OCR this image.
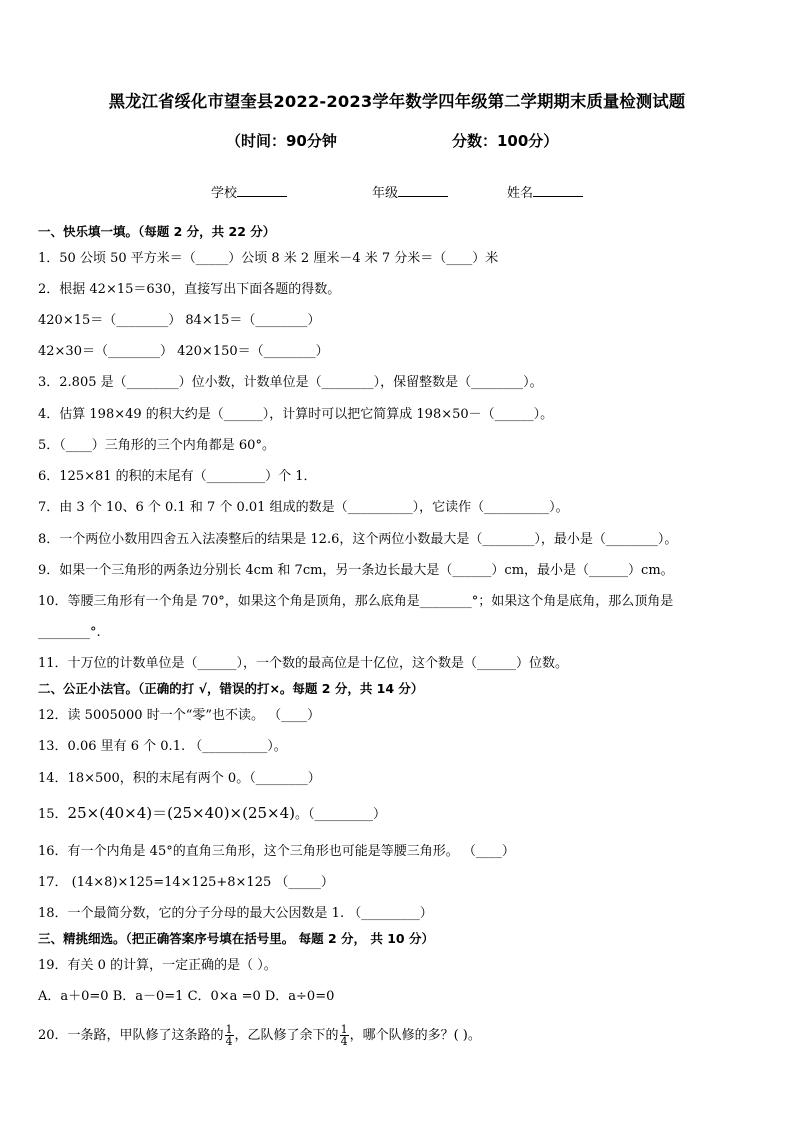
黑龙江省绥化市望奎县2022-2023学年数学四年级第二学期期末质量检测试题
（时间：90分钟	分数：100分）
学校	年级	姓名
一、快乐填一填。（每题 2 分，共 22 分）
1．50 公顷 50 平方米＝（_____）公顷 8 米 2 厘米－4 米 7 分米＝（____）米
2．根据 42×15＝630，直接写出下面各题的得数。
420×15＝（________） 84×15＝（________）
42×30＝（________） 420×150＝（________）
3．2.805 是（________）位小数，计数单位是（________），保留整数是（________）。
4．估算 198×49 的积大约是（______），计算时可以把它简算成 198×50－（______）。
5．（____）三角形的三个内角都是 60°。
6．125×81 的积的末尾有（_________）个 1．
7．由 3 个 10、6 个 0.1 和 7 个 0.01 组成的数是（__________），它读作（__________）。
8．一个两位小数用四舍五入法凑整后的结果是 12.6，这个两位小数最大是（________），最小是（________）。
9．如果一个三角形的两条边分别长 4cm 和 7cm，另一条边长最大是（______）cm，最小是（______）cm。
10．等腰三角形有一个角是 70°，如果这个角是顶角，那么底角是________°；如果这个角是底角，那么顶角是
________°.
11．十万位的计数单位是（______），一个数的最高位是十亿位，这个数是（______）位数。
二、公正小法官。（正确的打 √，错误的打×。每题 2 分，共 14 分）
12．读 5005000 时一个“零”也不读。 （____）
13．0.06 里有 6 个 0.1. （__________）。
14．18×500，积的末尾有两个 0。（________）
15．25×(40×4)＝(25×40)×(25×4)。（_________）
16．有一个内角是 45°的直角三角形，这个三角形也可能是等腰三角形。 （____）
17． (14×8)×125=14×125+8×125 （_____）
18．一个最简分数，它的分子分母的最大公因数是 1. （_________）
三、精挑细选。（把正确答案序号填在括号里。 每题 2 分， 共 10 分）
19．有关 0 的计算，一定正确的是（ ）。
A．a＋0=0 B．a－0=1 C．0×a =0 D．a÷0=0
20．一条路，甲队修了这条路的 $\frac{1}{4}$ ，乙队修了余下的 $\frac{1}{4}$ ，哪个队修的多？( )。
